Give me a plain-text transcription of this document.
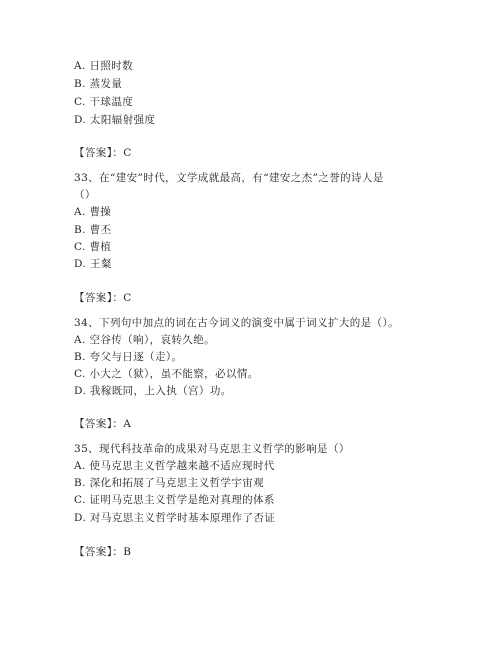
A. 日照时数
B. 蒸发量
C. 干球温度
D. 太阳辐射强度
【答案】：C
33、在“建安”时代，文学成就最高，有“建安之杰”之誉的诗人是
（）
A. 曹操
B. 曹丕
C. 曹植
D. 王粲
【答案】：C
34、下列句中加点的词在古今词义的演变中属于词义扩大的是（）。
A. 空谷传（响），哀转久绝。
B. 夸父与日逐（走）。
C. 小大之（狱），虽不能察，必以情。
D. 我稼既同，上入执（宫）功。
【答案】：A
35、现代科技革命的成果对马克思主义哲学的影响是（）
A. 使马克思主义哲学越来越不适应现时代
B. 深化和拓展了马克思主义哲学宇宙观
C. 证明马克思主义哲学是绝对真理的体系
D. 对马克思主义哲学时基本原理作了否证
【答案】：B
